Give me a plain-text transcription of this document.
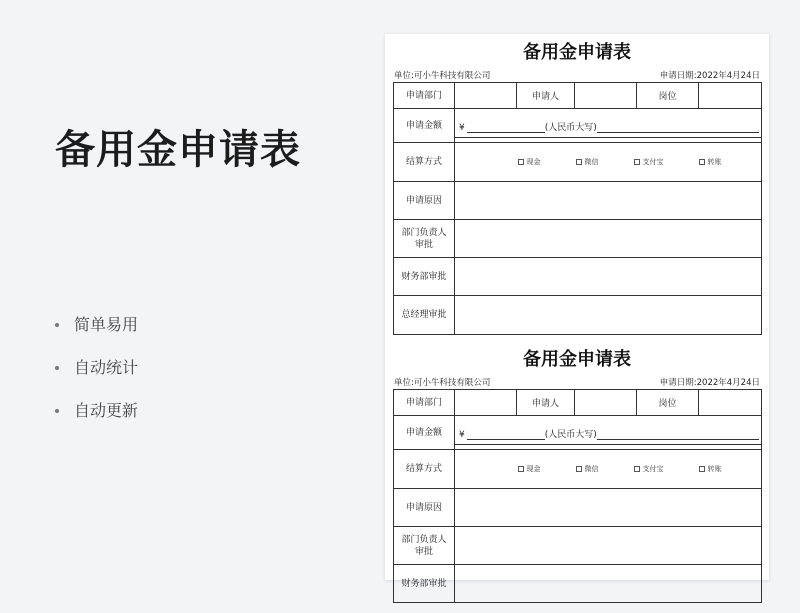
备用金申请表
简单易用
自动统计
自动更新
备用金申请表
单位:可小牛科技有限公司	申请日期:2022年4月24日
申请部门		申请人		岗位	
申请金额	¥ (人民币大写)				

结算方式	现金 微信 支付宝 转账				

申请原因					
部门负责人
审批					
财务部审批					
总经理审批					
备用金申请表
单位:可小牛科技有限公司	申请日期:2022年4月24日
申请部门		申请人		岗位	
申请金额	¥ (人民币大写)				

结算方式	现金 微信 支付宝 转账				

申请原因					
部门负责人
审批					
财务部审批					
